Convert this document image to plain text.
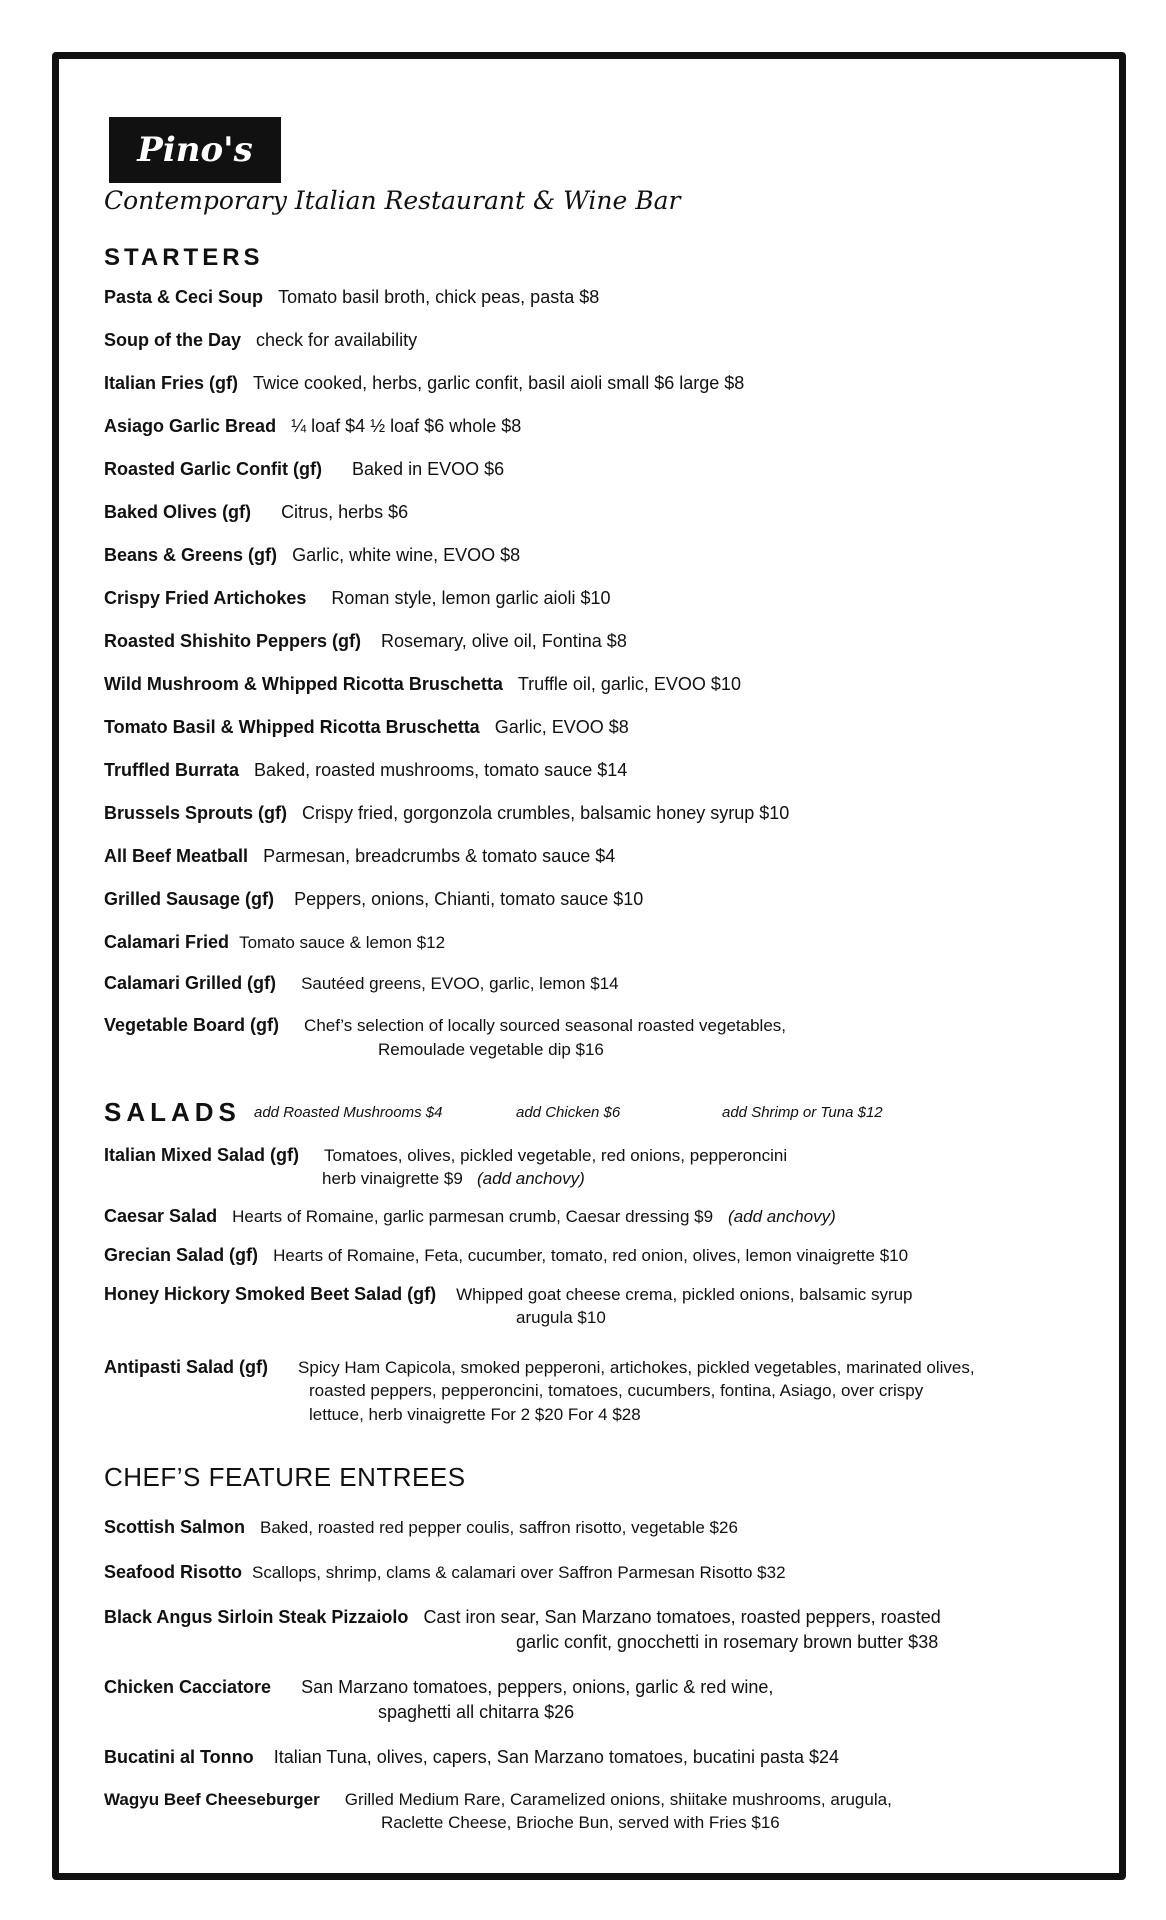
Pino's
Contemporary Italian Restaurant & Wine Bar
STARTERS
Pasta & Ceci Soup Tomato basil broth, chick peas, pasta $8
Soup of the Day check for availability
Italian Fries (gf) Twice cooked, herbs, garlic confit, basil aioli small $6 large $8
Asiago Garlic Bread ¼ loaf $4 ½ loaf $6 whole $8
Roasted Garlic Confit (gf) Baked in EVOO $6
Baked Olives (gf) Citrus, herbs $6
Beans & Greens (gf) Garlic, white wine, EVOO $8
Crispy Fried Artichokes Roman style, lemon garlic aioli $10
Roasted Shishito Peppers (gf) Rosemary, olive oil, Fontina $8
Wild Mushroom & Whipped Ricotta Bruschetta Truffle oil, garlic, EVOO $10
Tomato Basil & Whipped Ricotta Bruschetta Garlic, EVOO $8
Truffled Burrata Baked, roasted mushrooms, tomato sauce $14
Brussels Sprouts (gf) Crispy fried, gorgonzola crumbles, balsamic honey syrup $10
All Beef Meatball Parmesan, breadcrumbs & tomato sauce $4
Grilled Sausage (gf) Peppers, onions, Chianti, tomato sauce $10
Calamari Fried Tomato sauce & lemon $12
Calamari Grilled (gf) Sautéed greens, EVOO, garlic, lemon $14
Vegetable Board (gf) Chef’s selection of locally sourced seasonal roasted vegetables,
Remoulade vegetable dip $16
SALADS add Roasted Mushrooms $4	add Chicken $6	add Shrimp or Tuna $12
Italian Mixed Salad (gf) Tomatoes, olives, pickled vegetable, red onions, pepperoncini
herb vinaigrette $9 (add anchovy)
Caesar Salad Hearts of Romaine, garlic parmesan crumb, Caesar dressing $9 (add anchovy)
Grecian Salad (gf) Hearts of Romaine, Feta, cucumber, tomato, red onion, olives, lemon vinaigrette $10
Honey Hickory Smoked Beet Salad (gf) Whipped goat cheese crema, pickled onions, balsamic syrup
arugula $10
Antipasti Salad (gf) Spicy Ham Capicola, smoked pepperoni, artichokes, pickled vegetables, marinated olives,
roasted peppers, pepperoncini, tomatoes, cucumbers, fontina, Asiago, over crispy
lettuce, herb vinaigrette For 2 $20 For 4 $28
CHEF’S FEATURE ENTREES
Scottish Salmon Baked, roasted red pepper coulis, saffron risotto, vegetable $26
Seafood Risotto Scallops, shrimp, clams & calamari over Saffron Parmesan Risotto $32
Black Angus Sirloin Steak Pizzaiolo Cast iron sear, San Marzano tomatoes, roasted peppers, roasted
garlic confit, gnocchetti in rosemary brown butter $38
Chicken Cacciatore San Marzano tomatoes, peppers, onions, garlic & red wine,
spaghetti all chitarra $26
Bucatini al Tonno Italian Tuna, olives, capers, San Marzano tomatoes, bucatini pasta $24
Wagyu Beef Cheeseburger Grilled Medium Rare, Caramelized onions, shiitake mushrooms, arugula,
Raclette Cheese, Brioche Bun, served with Fries $16
